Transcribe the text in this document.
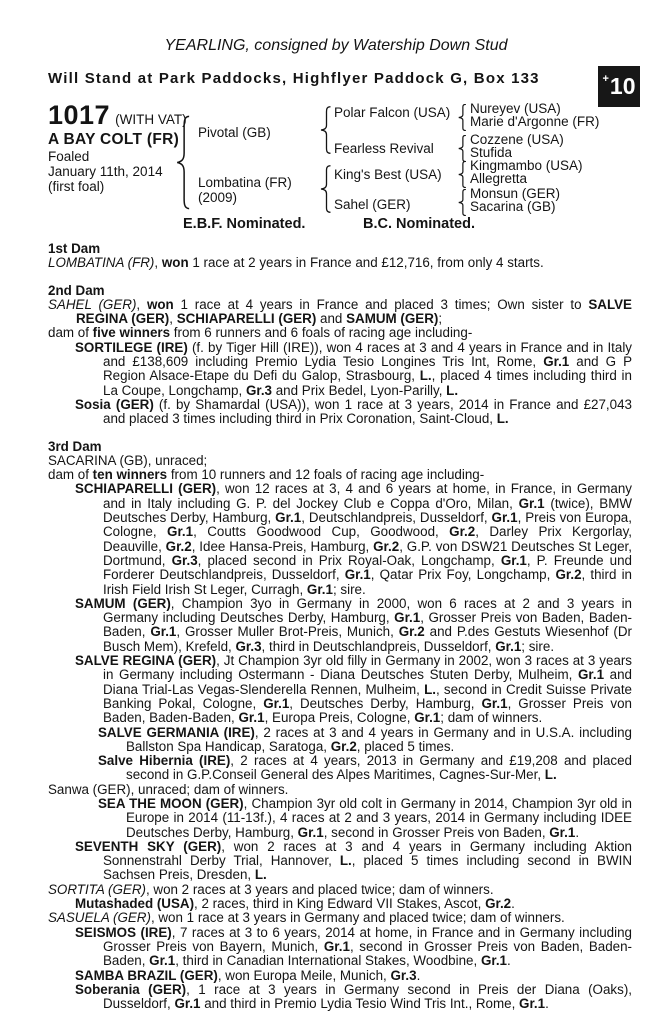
YEARLING, consigned by Watership Down Stud
Will Stand at Park Paddocks, Highflyer Paddock G, Box 133	+ 10
1017 (WITH VAT)
A BAY COLT (FR)
Foaled
January 11th, 2014
(first foal)
Pivotal (GB)
Lombatina (FR)
(2009)
Polar Falcon (USA)
Fearless Revival
King's Best (USA)
Sahel (GER)
Nureyev (USA)
Marie d'Argonne (FR)
Cozzene (USA)
Stufida
Kingmambo (USA)
Allegretta
Monsun (GER)
Sacarina (GB)
E.B.F. Nominated.	B.C. Nominated.
1st Dam
LOMBATINA (FR), won 1 race at 2 years in France and £12,716, from only 4 starts.
2nd Dam
SAHEL (GER), won 1 race at 4 years in France and placed 3 times; Own sister to SALVE REGINA (GER), SCHIAPARELLI (GER) and SAMUM (GER);
dam of five winners from 6 runners and 6 foals of racing age including-
SORTILEGE (IRE) (f. by Tiger Hill (IRE)), won 4 races at 3 and 4 years in France and in Italy and £138,609 including Premio Lydia Tesio Longines Tris Int, Rome, Gr.1 and G P Region Alsace-Etape du Defi du Galop, Strasbourg, L., placed 4 times including third in La Coupe, Longchamp, Gr.3 and Prix Bedel, Lyon-Parilly, L.
Sosia (GER) (f. by Shamardal (USA)), won 1 race at 3 years, 2014 in France and £27,043 and placed 3 times including third in Prix Coronation, Saint-Cloud, L.
3rd Dam
SACARINA (GB), unraced;
dam of ten winners from 10 runners and 12 foals of racing age including-
SCHIAPARELLI (GER), won 12 races at 3, 4 and 6 years at home, in France, in Germany and in Italy including G. P. del Jockey Club e Coppa d'Oro, Milan, Gr.1 (twice), BMW Deutsches Derby, Hamburg, Gr.1, Deutschlandpreis, Dusseldorf, Gr.1, Preis von Europa, Cologne, Gr.1, Coutts Goodwood Cup, Goodwood, Gr.2, Darley Prix Kergorlay, Deauville, Gr.2, Idee Hansa-Preis, Hamburg, Gr.2, G.P. von DSW21 Deutsches St Leger, Dortmund, Gr.3, placed second in Prix Royal-Oak, Longchamp, Gr.1, P. Freunde und Forderer Deutschlandpreis, Dusseldorf, Gr.1, Qatar Prix Foy, Longchamp, Gr.2, third in Irish Field Irish St Leger, Curragh, Gr.1; sire.
SAMUM (GER), Champion 3yo in Germany in 2000, won 6 races at 2 and 3 years in Germany including Deutsches Derby, Hamburg, Gr.1, Grosser Preis von Baden, Baden-Baden, Gr.1, Grosser Muller Brot-Preis, Munich, Gr.2 and P.des Gestuts Wiesenhof (Dr Busch Mem), Krefeld, Gr.3, third in Deutschlandpreis, Dusseldorf, Gr.1; sire.
SALVE REGINA (GER), Jt Champion 3yr old filly in Germany in 2002, won 3 races at 3 years in Germany including Ostermann - Diana Deutsches Stuten Derby, Mulheim, Gr.1 and Diana Trial-Las Vegas-Slenderella Rennen, Mulheim, L., second in Credit Suisse Private Banking Pokal, Cologne, Gr.1, Deutsches Derby, Hamburg, Gr.1, Grosser Preis von Baden, Baden-Baden, Gr.1, Europa Preis, Cologne, Gr.1; dam of winners.
SALVE GERMANIA (IRE), 2 races at 3 and 4 years in Germany and in U.S.A. including Ballston Spa Handicap, Saratoga, Gr.2, placed 5 times.
Salve Hibernia (IRE), 2 races at 4 years, 2013 in Germany and £19,208 and placed second in G.P.Conseil General des Alpes Maritimes, Cagnes-Sur-Mer, L.
Sanwa (GER), unraced; dam of winners.
SEA THE MOON (GER), Champion 3yr old colt in Germany in 2014, Champion 3yr old in Europe in 2014 (11-13f.), 4 races at 2 and 3 years, 2014 in Germany including IDEE Deutsches Derby, Hamburg, Gr.1, second in Grosser Preis von Baden, Gr.1.
SEVENTH SKY (GER), won 2 races at 3 and 4 years in Germany including Aktion Sonnenstrahl Derby Trial, Hannover, L., placed 5 times including second in BWIN Sachsen Preis, Dresden, L.
SORTITA (GER), won 2 races at 3 years and placed twice; dam of winners.
Mutashaded (USA), 2 races, third in King Edward VII Stakes, Ascot, Gr.2.
SASUELA (GER), won 1 race at 3 years in Germany and placed twice; dam of winners.
SEISMOS (IRE), 7 races at 3 to 6 years, 2014 at home, in France and in Germany including Grosser Preis von Bayern, Munich, Gr.1, second in Grosser Preis von Baden, Baden-Baden, Gr.1, third in Canadian International Stakes, Woodbine, Gr.1.
SAMBA BRAZIL (GER), won Europa Meile, Munich, Gr.3.
Soberania (GER), 1 race at 3 years in Germany second in Preis der Diana (Oaks), Dusseldorf, Gr.1 and third in Premio Lydia Tesio Wind Tris Int., Rome, Gr.1.
